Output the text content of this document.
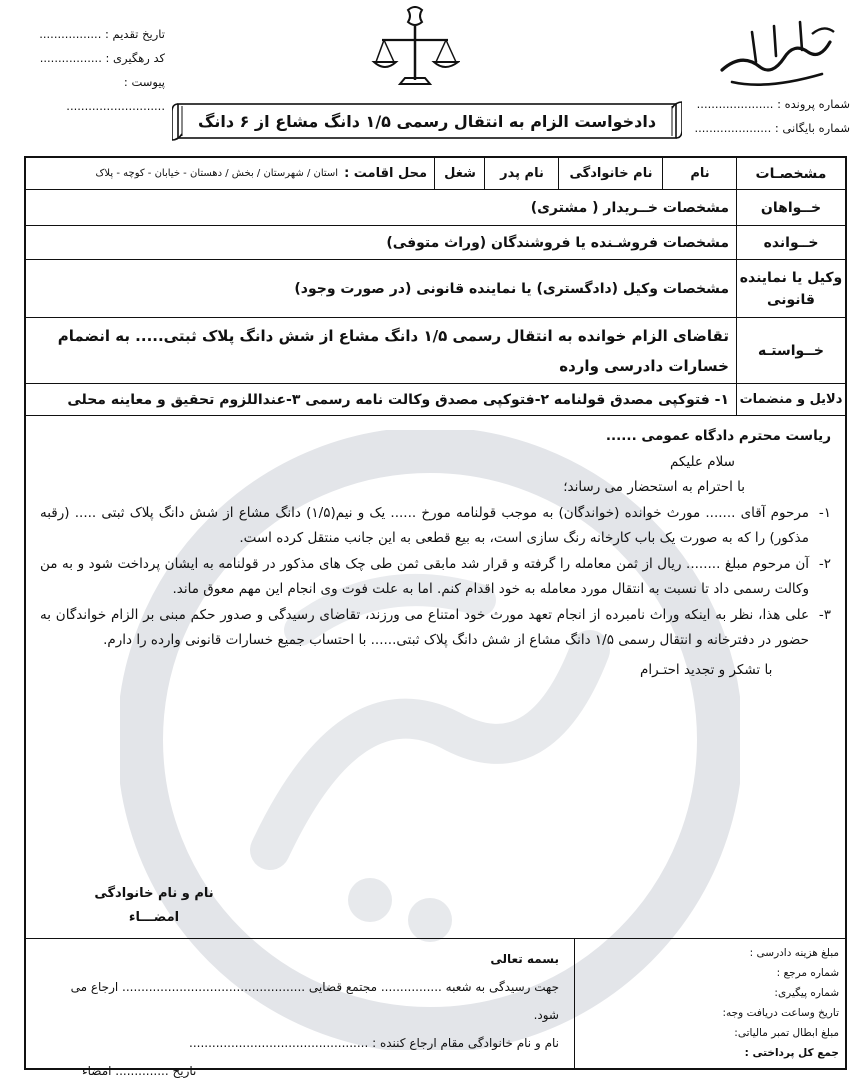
تاریخ تقدیم : .................
کد رهگیری : .................
پیوست : ...........................	شماره پرونده : .....................
شماره بایگانی : .....................
دادخواست الزام به انتقال رسمی ۱/۵ دانگ مشاع از ۶ دانگ
مشخصـات
نام
نام خانوادگی
نام پدر
شغل
محل اقامت :
استان / شهرستان / بخش / دهستان - خیابان - کوچه - پلاک
خــواهان
مشخصات خــریدار ( مشتری)
خــوانده
مشخصات فروشـنده یا فروشندگان (وراث متوفی)
وکیل یا نماینده قانونی
مشخصات وکیل (دادگستری) یا نماینده قانونی (در صورت وجود)
خــواستـه
تقاضای الزام خوانده به انتقال رسمی ۱/۵ دانگ مشاع از شش دانگ پلاک ثبتی..... به انضمام خسارات دادرسی وارده
دلایل و منضمات
۱- فتوکپی مصدق قولنامه ۲-فتوکپی مصدق وکالت نامه رسمی ۳-عنداللزوم تحقیق و معاینه محلی

ریاست محترم دادگاه عمومی ......

سلام علیکم

با احترام به استحضار می رساند؛

۱-

مرحوم آقای ....... مورث خوانده (خواندگان) به موجب قولنامه مورخ ...... یک و نیم(۱/۵) دانگ مشاع از شش دانگ پلاک ثبتی ..... (رقبه مذکور) را که به صورت یک باب کارخانه رنگ سازی است، به بیع قطعی به این جانب منتقل کرده است.

۲-

آن مرحوم مبلغ ........ ریال از ثمن معامله را گرفته و قرار شد مابقی ثمن طی چک های مذکور در قولنامه به ایشان پرداخت شود و به من وکالت رسمی داد تا نسبت به انتقال مورد معامله به خود اقدام کنم. اما به علت فوت وی انجام این مهم معوق ماند.

۳-

علی هذا، نظر به اینکه وراث نامبرده از انجام تعهد مورث خود امتناع می ورزند، تقاضای رسیدگی و صدور حکم مبنی بر الزام خواندگان به حضور در دفترخانه و انتقال رسمی ۱/۵ دانگ مشاع از شش دانگ پلاک ثبتی...... با احتساب جمیع خسارات قانونی وارده را دارم.

با تشکر و تجدید احتـرام

نام و نام خانوادگی
امضـــاء
مبلغ هزینه دادرسی :
شماره مرجع :
شماره پیگیری:
تاریخ وساعت دریافت وجه:
مبلغ ابطال تمبر مالیاتی:
جمع کل پرداختی :
بسمه تعالی
جهت رسیدگی به شعبه ................ مجتمع قضایی ................................................ ارجاع می شود.
نام و نام خانوادگی مقام ارجاع کننده : ...............................................
تاریخ .............. امضاء
